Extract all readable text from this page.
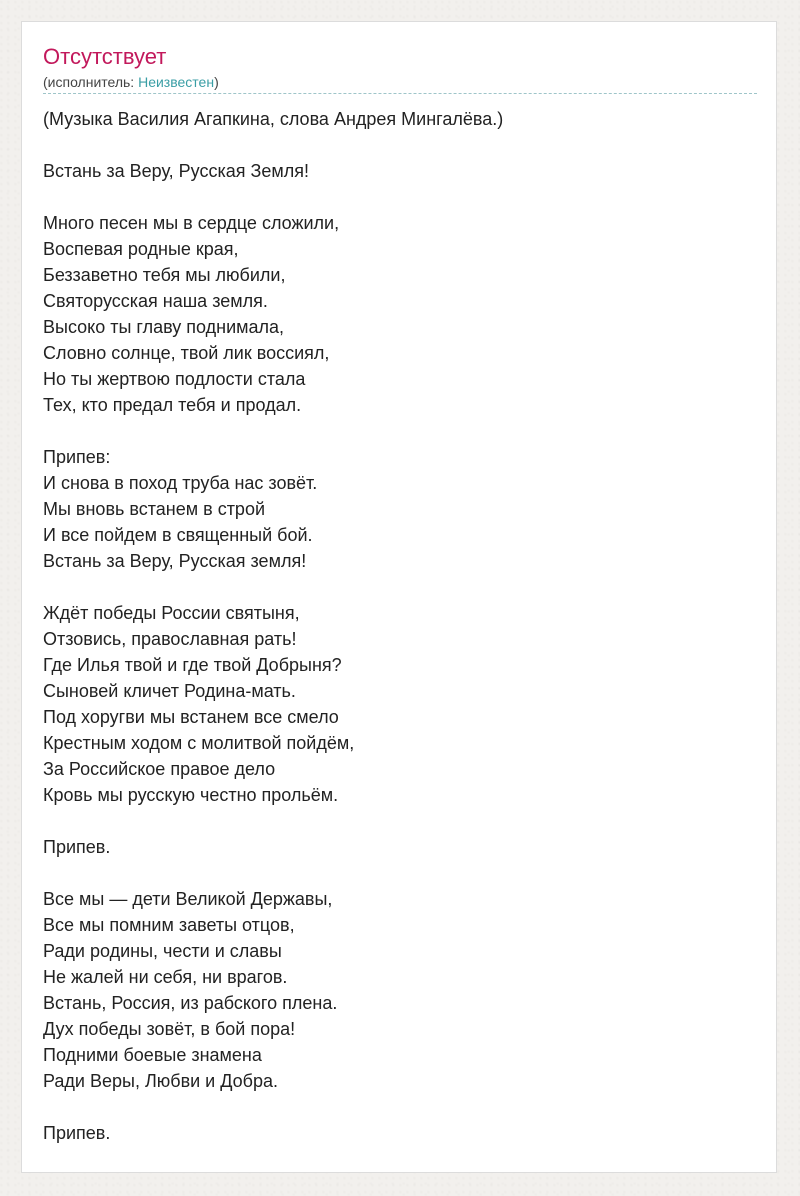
Отсутствует
(исполнитель: Неизвестен)
(Музыка Василия Агапкина, слова Андрея Мингалёва.)
Встань за Веру, Русская Земля!
Много песен мы в сердце сложили,
Воспевая родные края,
Беззаветно тебя мы любили,
Святорусская наша земля.
Высоко ты главу поднимала,
Словно солнце, твой лик воссиял,
Но ты жертвою подлости стала
Тех, кто предал тебя и продал.
Припев:
И снова в поход труба нас зовёт.
Мы вновь встанем в строй
И все пойдем в священный бой.
Встань за Веру, Русская земля!
Ждёт победы России святыня,
Отзовись, православная рать!
Где Илья твой и где твой Добрыня?
Сыновей кличет Родина-мать.
Под хоругви мы встанем все смело
Крестным ходом с молитвой пойдём,
За Российское правое дело
Кровь мы русскую честно прольём.
Припев.
Все мы — дети Великой Державы,
Все мы помним заветы отцов,
Ради родины, чести и славы
Не жалей ни себя, ни врагов.
Встань, Россия, из рабского плена.
Дух победы зовёт, в бой пора!
Подними боевые знамена
Ради Веры, Любви и Добра.
Припев.
